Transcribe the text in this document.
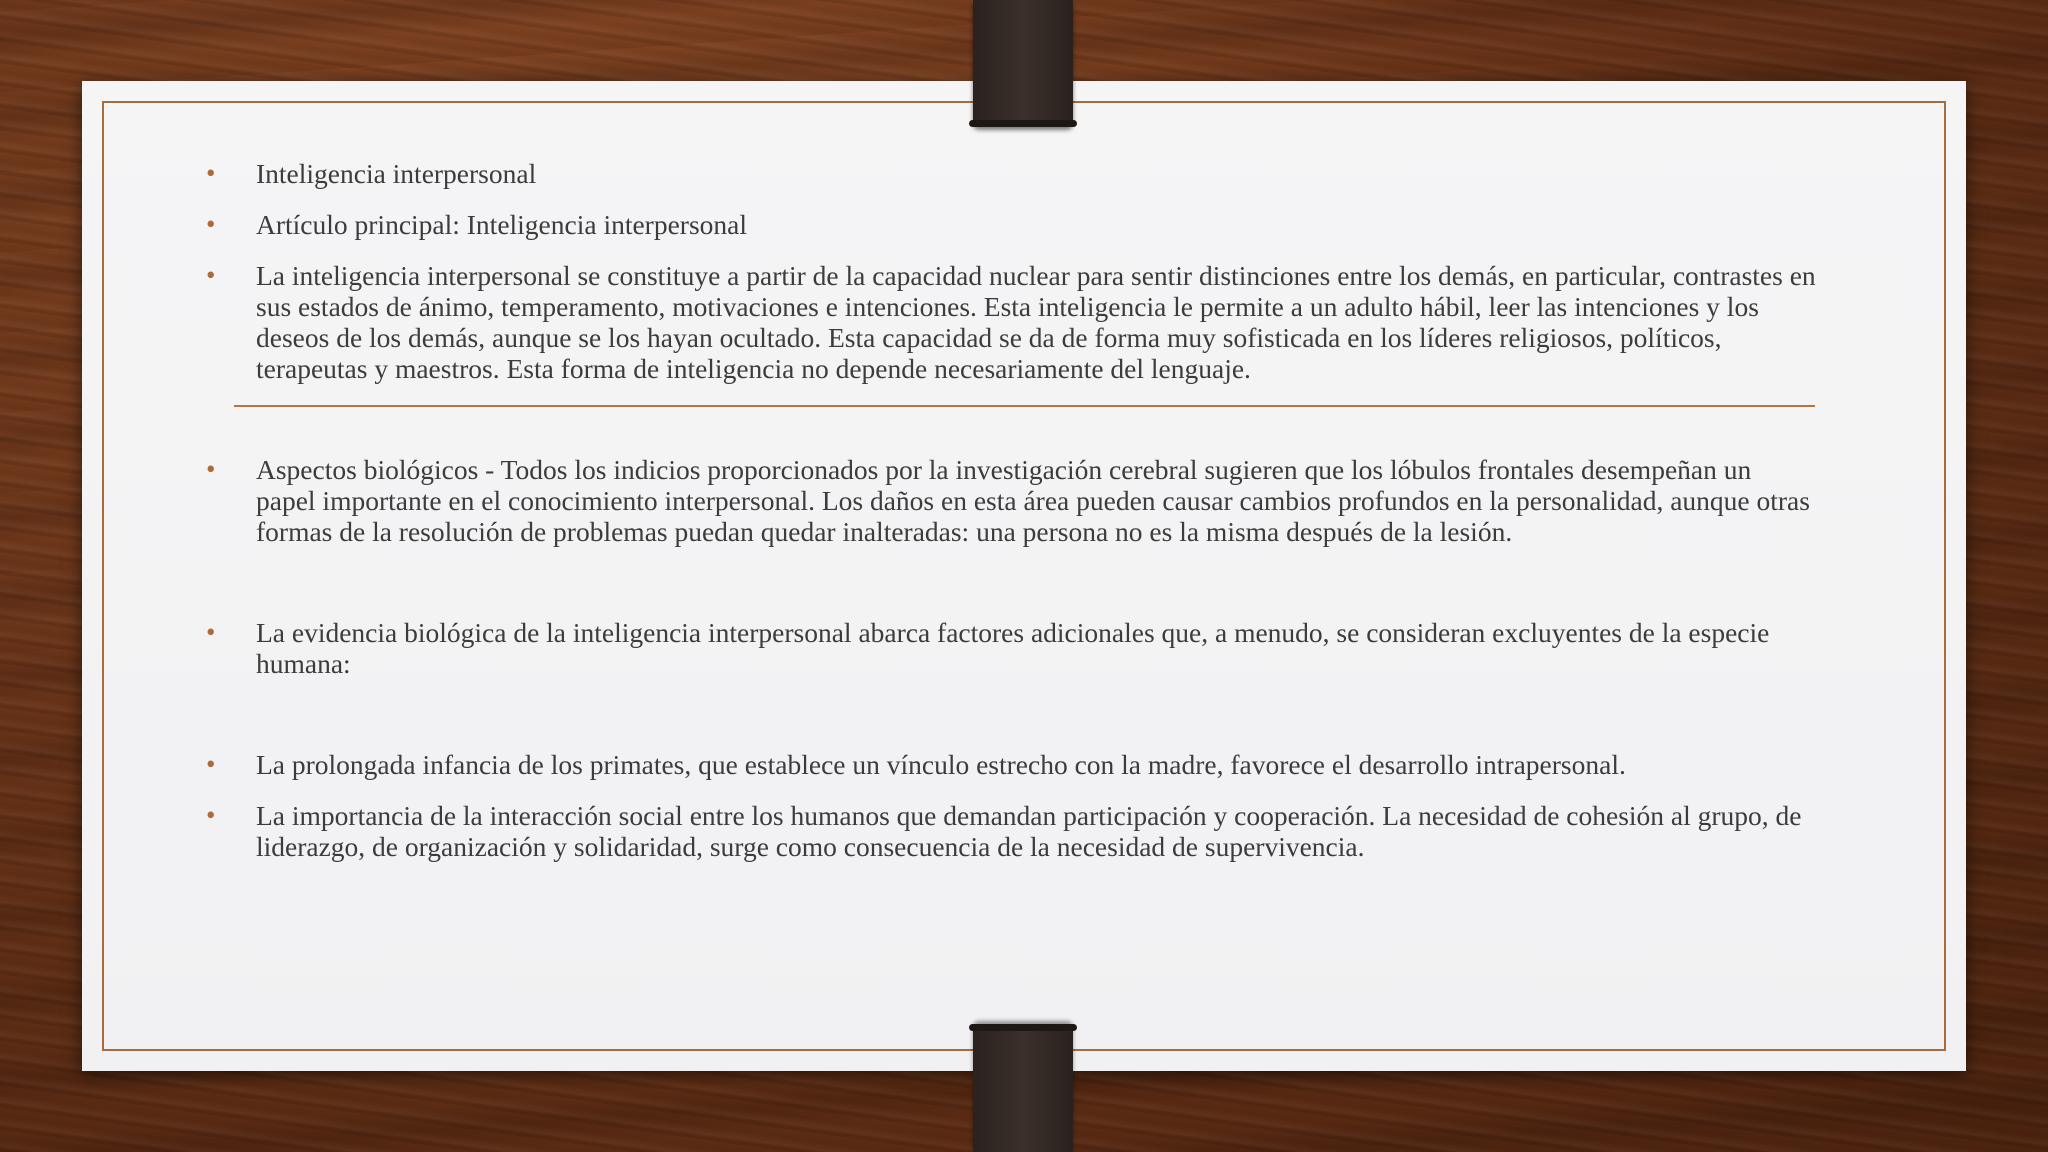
• Inteligencia interpersonal

• Artículo principal: Inteligencia interpersonal

• La inteligencia interpersonal se constituye a partir de la capacidad nuclear para sentir distinciones entre los demás, en particular, contrastes en sus estados de ánimo, temperamento, motivaciones e intenciones. Esta inteligencia le permite a un adulto hábil, leer las intenciones y los deseos de los demás, aunque se los hayan ocultado. Esta capacidad se da de forma muy sofisticada en los líderes religiosos, políticos, terapeutas y maestros. Esta forma de inteligencia no depende necesariamente del lenguaje.

• Aspectos biológicos - Todos los indicios proporcionados por la investigación cerebral sugieren que los lóbulos frontales desempeñan un papel importante en el conocimiento interpersonal. Los daños en esta área pueden causar cambios profundos en la personalidad, aunque otras formas de la resolución de problemas puedan quedar inalteradas: una persona no es la misma después de la lesión.

• La evidencia biológica de la inteligencia interpersonal abarca factores adicionales que, a menudo, se consideran excluyentes de la especie humana:

• La prolongada infancia de los primates, que establece un vínculo estrecho con la madre, favorece el desarrollo intrapersonal.

• La importancia de la interacción social entre los humanos que demandan participación y cooperación. La necesidad de cohesión al grupo, de liderazgo, de organización y solidaridad, surge como consecuencia de la necesidad de supervivencia.
